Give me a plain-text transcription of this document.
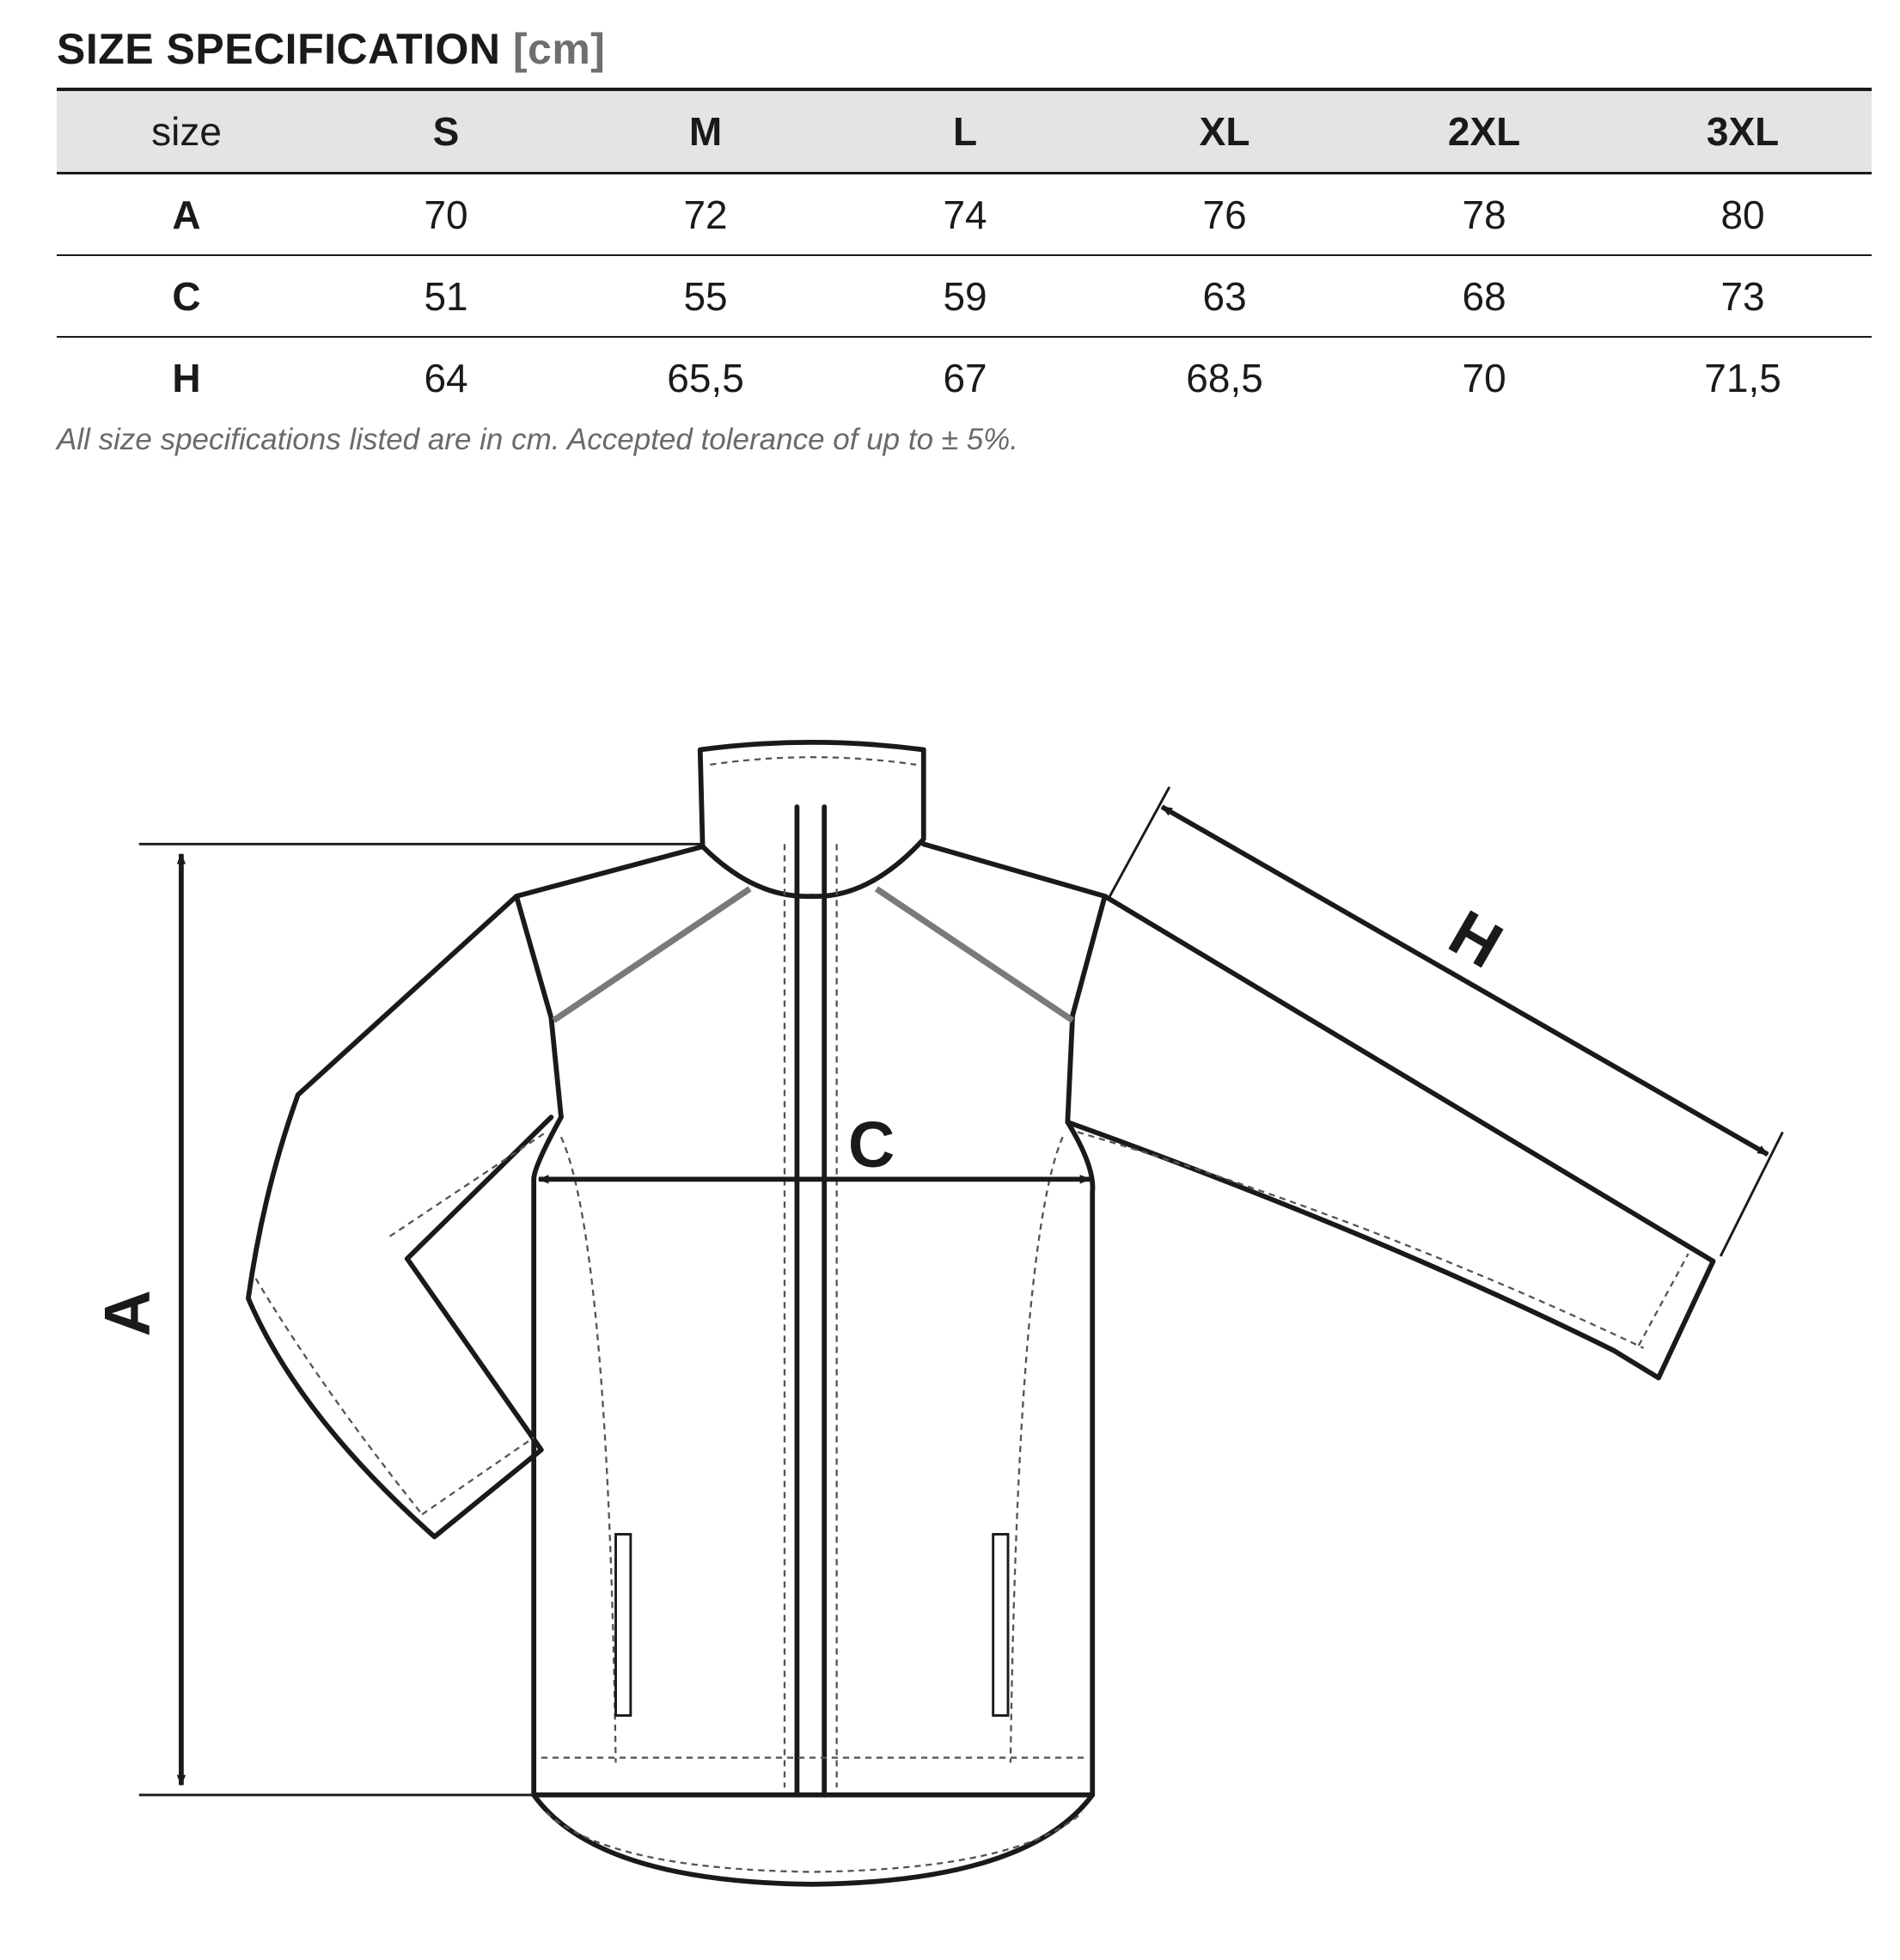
SIZE SPECIFICATION [cm]
size	S	M	L	XL	2XL	3XL
A	70	72	74	76	78	80
C	51	55	59	63	68	73
H	64	65,5	67	68,5	70	71,5
All size specifications listed are in cm. Accepted tolerance of up to ± 5%.
A
C
H
